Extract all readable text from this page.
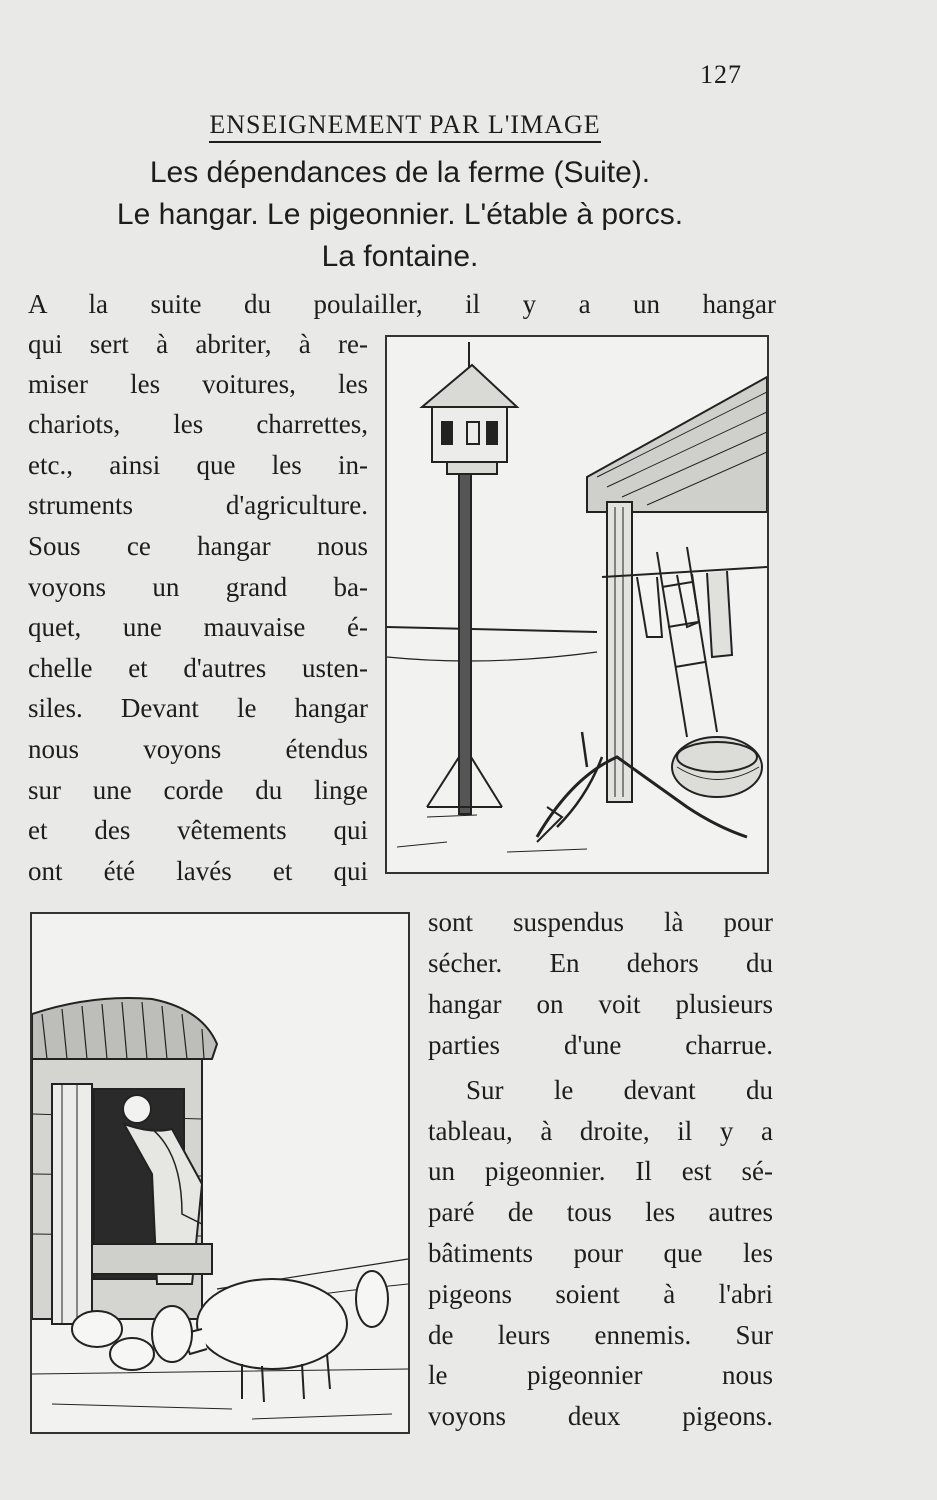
127
ENSEIGNEMENT PAR L'IMAGE
Les dépendances de la ferme (Suite).
Le hangar. Le pigeonnier. L'étable à porcs.
La fontaine.
A la suite du poulailler, il y a un hangar
qui sert à abriter, à re-
miser les voitures, les
chariots, les charrettes,
etc., ainsi que les in-
struments d'agriculture.
Sous ce hangar nous
voyons un grand ba-
quet, une mauvaise é-
chelle et d'autres usten-
siles. Devant le hangar
nous voyons étendus
sur une corde du linge
et des vêtements qui
ont été lavés et qui
sont suspendus là pour
sécher. En dehors du
hangar on voit plusieurs
parties d'une charrue.
Sur le devant du
tableau, à droite, il y a
un pigeonnier. Il est sé-
paré de tous les autres
bâtiments pour que les
pigeons soient à l'abri
de leurs ennemis. Sur
le pigeonnier nous
voyons deux pigeons.
